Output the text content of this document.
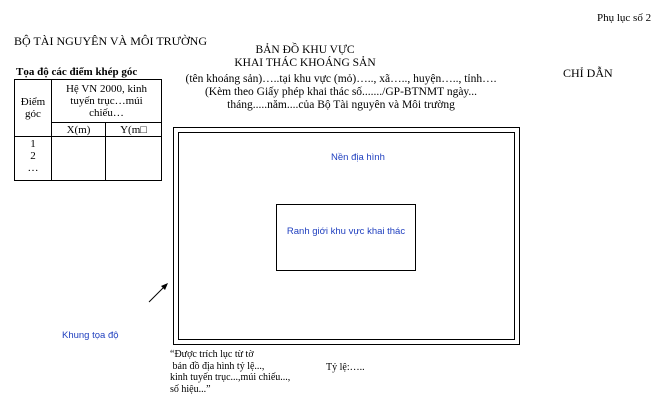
Phụ lục số 2
BỘ TÀI NGUYÊN VÀ MÔI TRƯỜNG
BẢN ĐỒ KHU VỰC
KHAI THÁC KHOÁNG SẢN
CHỈ DẪN
(tên khoáng sản)…..tại khu vực (mỏ)….., xã….., huyện….., tỉnh….
(Kèm theo Giấy phép khai thác số......./GP-BTNMT ngày...
tháng.....năm....của Bộ Tài nguyên và Môi trường
Tọa độ các điểm khép góc
Điểm góc	Hệ VN 2000, kinh tuyến trục…múi chiếu…	
	X(m)	Y(m□

1
2
…		

Nền địa hình
Ranh giới khu vực khai thác
Khung tọa độ
“Được trích lục từ tờ
bản đồ địa hình tỷ lệ...,
kinh tuyến trục...,múi chiếu...,
số hiệu...”
Tỷ lệ:…..
